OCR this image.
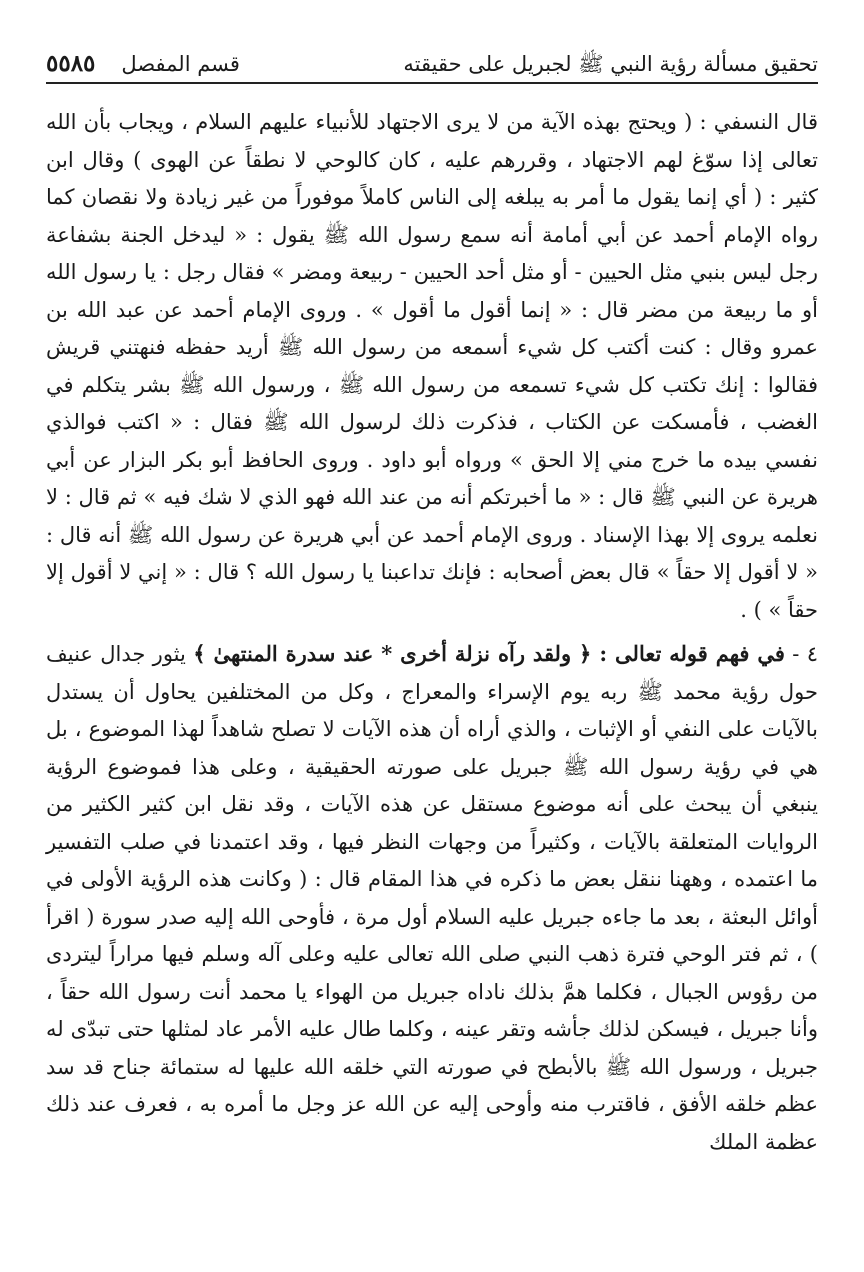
تحقيق مسألة رؤية النبي ﷺ لجبريل على حقيقته
قسم المفصل
٥٥٨٥

قال النسفي : ( ويحتج بهذه الآية من لا يرى الاجتهاد للأنبياء عليهم السلام ، ويجاب بأن الله تعالى إذا سوّغ لهم الاجتهاد ، وقررهم عليه ، كان كالوحي لا نطقاً عن الهوى ) وقال ابن كثير : ( أي إنما يقول ما أمر به يبلغه إلى الناس كاملاً موفوراً من غير زيادة ولا نقصان كما رواه الإمام أحمد عن أبي أمامة أنه سمع رسول الله ﷺ يقول : « ليدخل الجنة بشفاعة رجل ليس بنبي مثل الحيين - أو مثل أحد الحيين - ربيعة ومضر » فقال رجل : يا رسول الله أو ما ربيعة من مضر قال : « إنما أقول ما أقول » . وروى الإمام أحمد عن عبد الله بن عمرو وقال : كنت أكتب كل شيء أسمعه من رسول الله ﷺ أريد حفظه فنهتني قريش فقالوا : إنك تكتب كل شيء تسمعه من رسول الله ﷺ ، ورسول الله ﷺ بشر يتكلم في الغضب ، فأمسكت عن الكتاب ، فذكرت ذلك لرسول الله ﷺ فقال : « اكتب فوالذي نفسي بيده ما خرج مني إلا الحق » ورواه أبو داود . وروى الحافظ أبو بكر البزار عن أبي هريرة عن النبي ﷺ قال : « ما أخبرتكم أنه من عند الله فهو الذي لا شك فيه » ثم قال : لا نعلمه يروى إلا بهذا الإسناد . وروى الإمام أحمد عن أبي هريرة عن رسول الله ﷺ أنه قال : « لا أقول إلا حقاً » قال بعض أصحابه : فإنك تداعبنا يا رسول الله ؟ قال : « إني لا أقول إلا حقاً » ) .

٤ - في فهم قوله تعالى : ﴿ ولقد رآه نزلة أخرى * عند سدرة المنتهىٰ ﴾ يثور جدال عنيف حول رؤية محمد ﷺ ربه يوم الإسراء والمعراج ، وكل من المختلفين يحاول أن يستدل بالآيات على النفي أو الإثبات ، والذي أراه أن هذه الآيات لا تصلح شاهداً لهذا الموضوع ، بل هي في رؤية رسول الله ﷺ جبريل على صورته الحقيقية ، وعلى هذا فموضوع الرؤية ينبغي أن يبحث على أنه موضوع مستقل عن هذه الآيات ، وقد نقل ابن كثير الكثير من الروايات المتعلقة بالآيات ، وكثيراً من وجهات النظر فيها ، وقد اعتمدنا في صلب التفسير ما اعتمده ، وههنا ننقل بعض ما ذكره في هذا المقام قال : ( وكانت هذه الرؤية الأولى في أوائل البعثة ، بعد ما جاءه جبريل عليه السلام أول مرة ، فأوحى الله إليه صدر سورة ( اقرأ ) ، ثم فتر الوحي فترة ذهب النبي صلى الله تعالى عليه وعلى آله وسلم فيها مراراً ليتردى من رؤوس الجبال ، فكلما همَّ بذلك ناداه جبريل من الهواء يا محمد أنت رسول الله حقاً ، وأنا جبريل ، فيسكن لذلك جأشه وتقر عينه ، وكلما طال عليه الأمر عاد لمثلها حتى تبدّى له جبريل ، ورسول الله ﷺ بالأبطح في صورته التي خلقه الله عليها له ستمائة جناح قد سد عظم خلقه الأفق ، فاقترب منه وأوحى إليه عن الله عز وجل ما أمره به ، فعرف عند ذلك عظمة الملك
